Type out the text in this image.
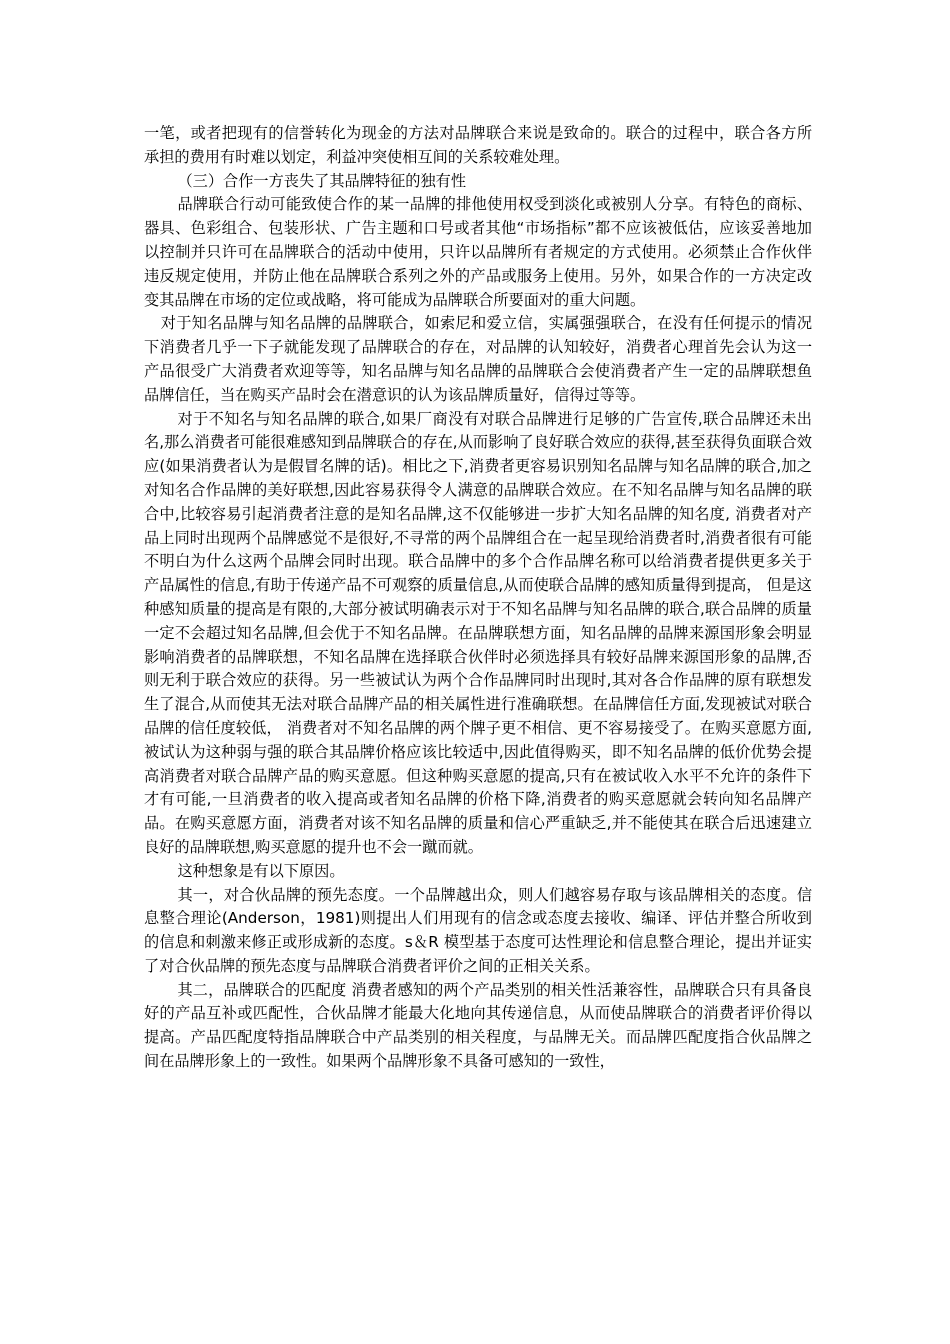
一笔，或者把现有的信誉转化为现金的方法对品牌联合来说是致命的。联合的过程中，联合各方所承担的费用有时难以划定，利益冲突使相互间的关系较难处理。

（三）合作一方丧失了其品牌特征的独有性

品牌联合行动可能致使合作的某一品牌的排他使用权受到淡化或被别人分享。有特色的商标、器具、色彩组合、包装形状、广告主题和口号或者其他“市场指标”都不应该被低估，应该妥善地加以控制并只许可在品牌联合的活动中使用，只许以品牌所有者规定的方式使用。必须禁止合作伙伴违反规定使用，并防止他在品牌联合系列之外的产品或服务上使用。另外，如果合作的一方决定改变其品牌在市场的定位或战略，将可能成为品牌联合所要面对的重大问题。

对于知名品牌与知名品牌的品牌联合，如索尼和爱立信，实属强强联合，在没有任何提示的情况下消费者几乎一下子就能发现了品牌联合的存在，对品牌的认知较好，消费者心理首先会认为这一产品很受广大消费者欢迎等等，知名品牌与知名品牌的品牌联合会使消费者产生一定的品牌联想鱼品牌信任，当在购买产品时会在潜意识的认为该品牌质量好，信得过等等。

对于不知名与知名品牌的联合,如果厂商没有对联合品牌进行足够的广告宣传,联合品牌还未出名,那么消费者可能很难感知到品牌联合的存在,从而影响了良好联合效应的获得,甚至获得负面联合效应(如果消费者认为是假冒名牌的话)。相比之下,消费者更容易识别知名品牌与知名品牌的联合,加之对知名合作品牌的美好联想,因此容易获得令人满意的品牌联合效应。在不知名品牌与知名品牌的联合中,比较容易引起消费者注意的是知名品牌,这不仅能够进一步扩大知名品牌的知名度, 消费者对产品上同时出现两个品牌感觉不是很好,不寻常的两个品牌组合在一起呈现给消费者时,消费者很有可能不明白为什么这两个品牌会同时出现。联合品牌中的多个合作品牌名称可以给消费者提供更多关于产品属性的信息,有助于传递产品不可观察的质量信息,从而使联合品牌的感知质量得到提高， 但是这种感知质量的提高是有限的,大部分被试明确表示对于不知名品牌与知名品牌的联合,联合品牌的质量一定不会超过知名品牌,但会优于不知名品牌。在品牌联想方面，知名品牌的品牌来源国形象会明显影响消费者的品牌联想，不知名品牌在选择联合伙伴时必须选择具有较好品牌来源国形象的品牌,否则无利于联合效应的获得。另一些被试认为两个合作品牌同时出现时,其对各合作品牌的原有联想发生了混合,从而使其无法对联合品牌产品的相关属性进行准确联想。在品牌信任方面,发现被试对联合品牌的信任度较低， 消费者对不知名品牌的两个牌子更不相信、更不容易接受了。在购买意愿方面,被试认为这种弱与强的联合其品牌价格应该比较适中,因此值得购买，即不知名品牌的低价优势会提高消费者对联合品牌产品的购买意愿。但这种购买意愿的提高,只有在被试收入水平不允许的条件下才有可能,一旦消费者的收入提高或者知名品牌的价格下降,消费者的购买意愿就会转向知名品牌产品。在购买意愿方面，消费者对该不知名品牌的质量和信心严重缺乏,并不能使其在联合后迅速建立良好的品牌联想,购买意愿的提升也不会一蹴而就。

这种想象是有以下原因。

其一，对合伙品牌的预先态度。一个品牌越出众，则人们越容易存取与该品牌相关的态度。信息整合理论(Anderson，1981)则提出人们用现有的信念或态度去接收、编译、评估并整合所收到的信息和刺激来修正或形成新的态度。s＆R 模型基于态度可达性理论和信息整合理论，提出并证实了对合伙品牌的预先态度与品牌联合消费者评价之间的正相关关系。

其二，品牌联合的匹配度 消费者感知的两个产品类别的相关性活兼容性，品牌联合只有具备良好的产品互补或匹配性，合伙品牌才能最大化地向其传递信息，从而使品牌联合的消费者评价得以提高。产品匹配度特指品牌联合中产品类别的相关程度，与品牌无关。而品牌匹配度指合伙品牌之间在品牌形象上的一致性。如果两个品牌形象不具备可感知的一致性，
